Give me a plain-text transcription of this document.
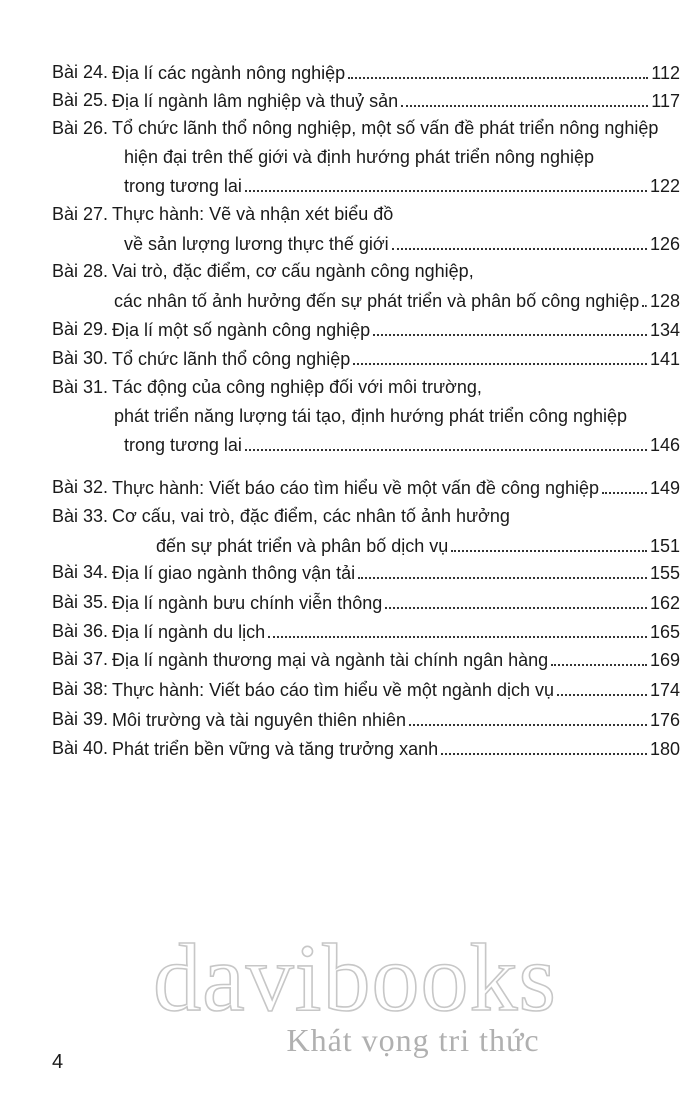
Bài 24. Địa lí các ngành nông nghiệp	112
Bài 25. Địa lí ngành lâm nghiệp và thuỷ sản	117
Bài 26. Tổ chức lãnh thổ nông nghiệp, một số vấn đề phát triển nông nghiệp
hiện đại trên thế giới và định hướng phát triển nông nghiệp
trong tương lai	122
Bài 27. Thực hành: Vẽ và nhận xét biểu đồ
về sản lượng lương thực thế giới	126
Bài 28. Vai trò, đặc điểm, cơ cấu ngành công nghiệp,
các nhân tố ảnh hưởng đến sự phát triển và phân bố công nghiệp 128
Bài 29. Địa lí một số ngành công nghiệp	134
Bài 30. Tổ chức lãnh thổ công nghiệp	141
Bài 31. Tác động của công nghiệp đối với môi trường,
phát triển năng lượng tái tạo, định hướng phát triển công nghiệp
trong tương lai	146
Bài 32. Thực hành: Viết báo cáo tìm hiểu về một vấn đề công nghiệp	149
Bài 33. Cơ cấu, vai trò, đặc điểm, các nhân tố ảnh hưởng
đến sự phát triển và phân bố dịch vụ	151
Bài 34. Địa lí giao ngành thông vận tải	155
Bài 35. Địa lí ngành bưu chính viễn thông	162
Bài 36. Địa lí ngành du lịch	165
Bài 37. Địa lí ngành thương mại và ngành tài chính ngân hàng	169
Bài 38: Thực hành: Viết báo cáo tìm hiểu về một ngành dịch vụ	174
Bài 39. Môi trường và tài nguyên thiên nhiên	176
Bài 40. Phát triển bền vững và tăng trưởng xanh	180
4
davibooks
Khát vọng tri thức
